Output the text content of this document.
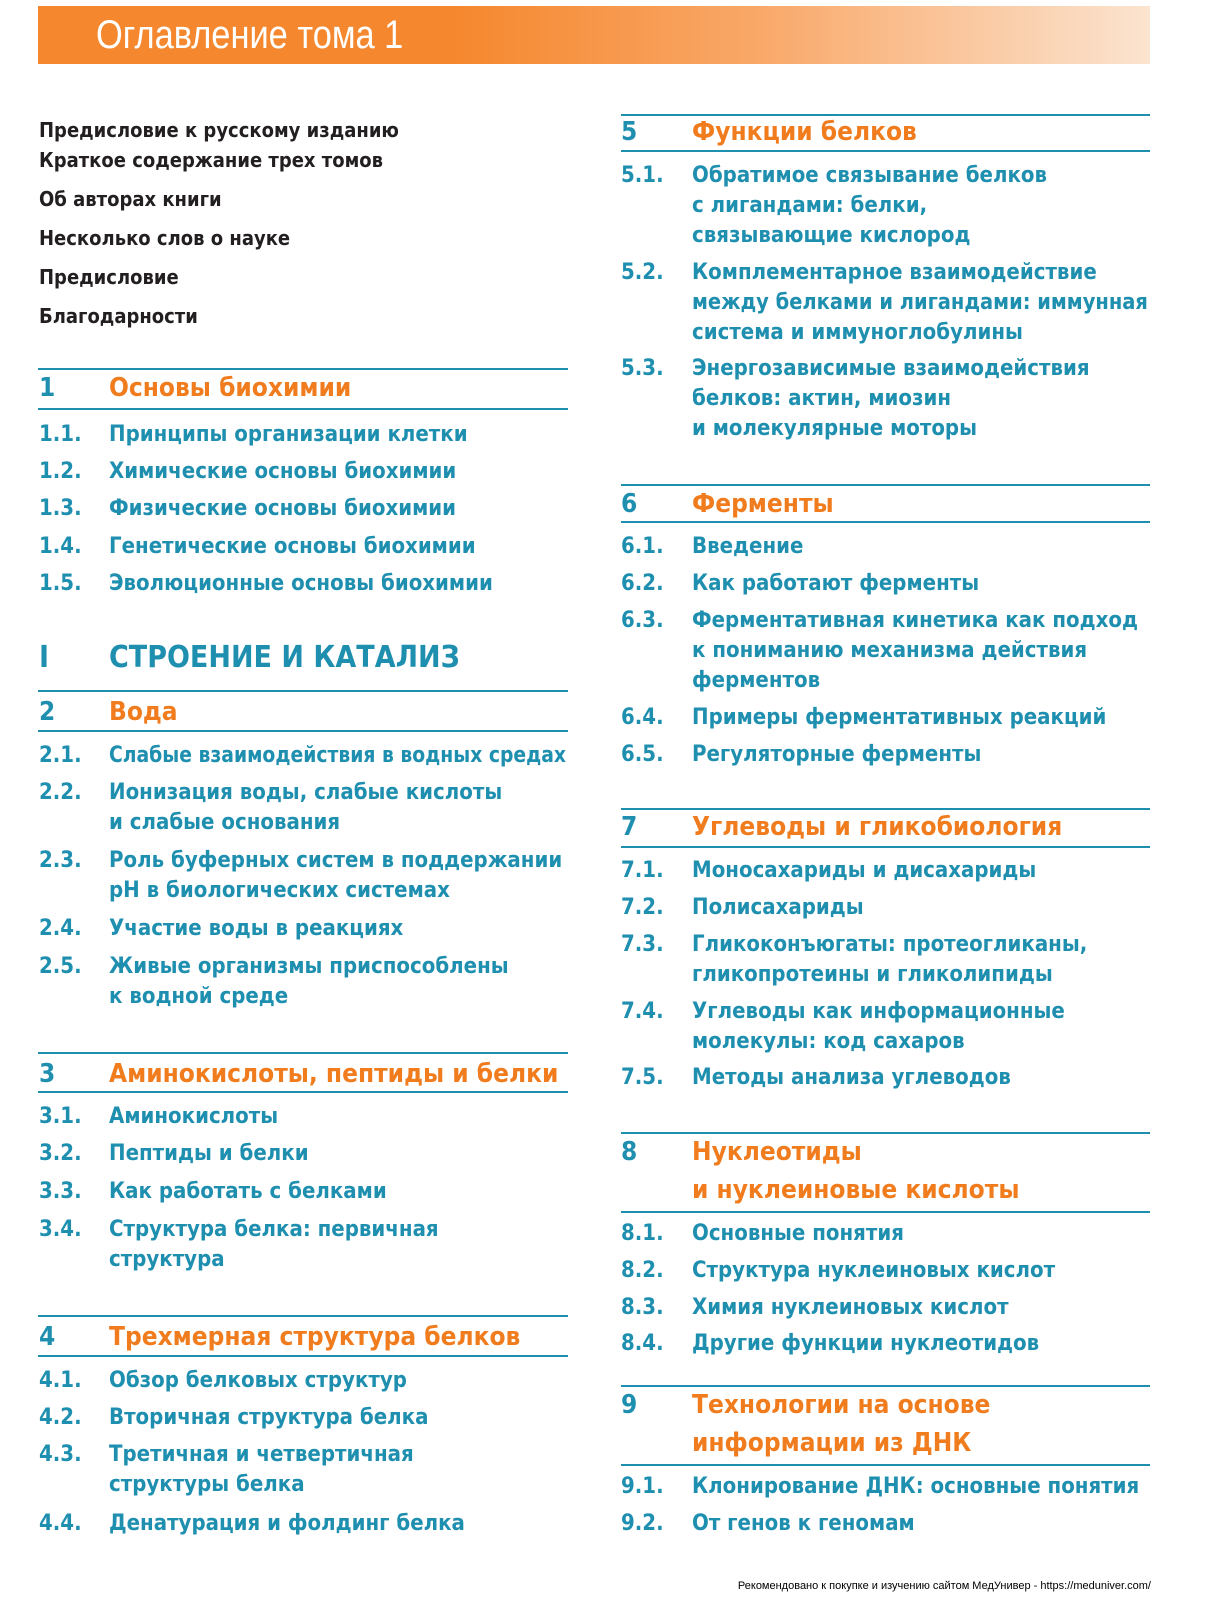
Оглавление тома 1
Предисловие к русскому изданию
Краткое содержание трех томов
Об авторах книги
Несколько слов о науке
Предисловие
Благодарности
1 Основы биохимии
1.1. Принципы организации клетки
1.2. Химические основы биохимии
1.3. Физические основы биохимии
1.4. Генетические основы биохимии
1.5. Эволюционные основы биохимии
2 Вода
2.1. Слабые взаимодействия в водных средах
2.2. Ионизация воды, слабые кислоты
и слабые основания
2.3. Роль буферных систем в поддержании
pH в биологических системах
2.4. Участие воды в реакциях
2.5. Живые организмы приспособлены
к водной среде
3 Аминокислоты, пептиды и белки
3.1. Аминокислоты
3.2. Пептиды и белки
3.3. Как работать с белками
3.4. Структура белка: первичная
структура
4 Трехмерная структура белков
4.1. Обзор белковых структур
4.2. Вторичная структура белка
4.3. Третичная и четвертичная
структуры белка
4.4. Денатурация и фолдинг белка
5 Функции белков
5.1. Обратимое связывание белков
с лигандами: белки,
связывающие кислород
5.2. Комплементарное взаимодействие
между белками и лигандами: иммунная
система и иммуноглобулины
5.3. Энергозависимые взаимодействия
белков: актин, миозин
и молекулярные моторы
6 Ферменты
6.1. Введение
6.2. Как работают ферменты
6.3. Ферментативная кинетика как подход
к пониманию механизма действия
ферментов
6.4. Примеры ферментативных реакций
6.5. Регуляторные ферменты
7 Углеводы и гликобиология
7.1. Моносахариды и дисахариды
7.2. Полисахариды
7.3. Гликоконъюгаты: протеогликаны,
гликопротеины и гликолипиды
7.4. Углеводы как информационные
молекулы: код сахаров
7.5. Методы анализа углеводов
8 Нуклеотиды
и нуклеиновые кислоты
8.1. Основные понятия
8.2. Структура нуклеиновых кислот
8.3. Химия нуклеиновых кислот
8.4. Другие функции нуклеотидов
9 Технологии на основе
информации из ДНК
9.1. Клонирование ДНК: основные понятия
9.2. От генов к геномам
I СТРОЕНИЕ И КАТАЛИЗ
Рекомендовано к покупке и изучению сайтом МедУнивер - https://meduniver.com/
